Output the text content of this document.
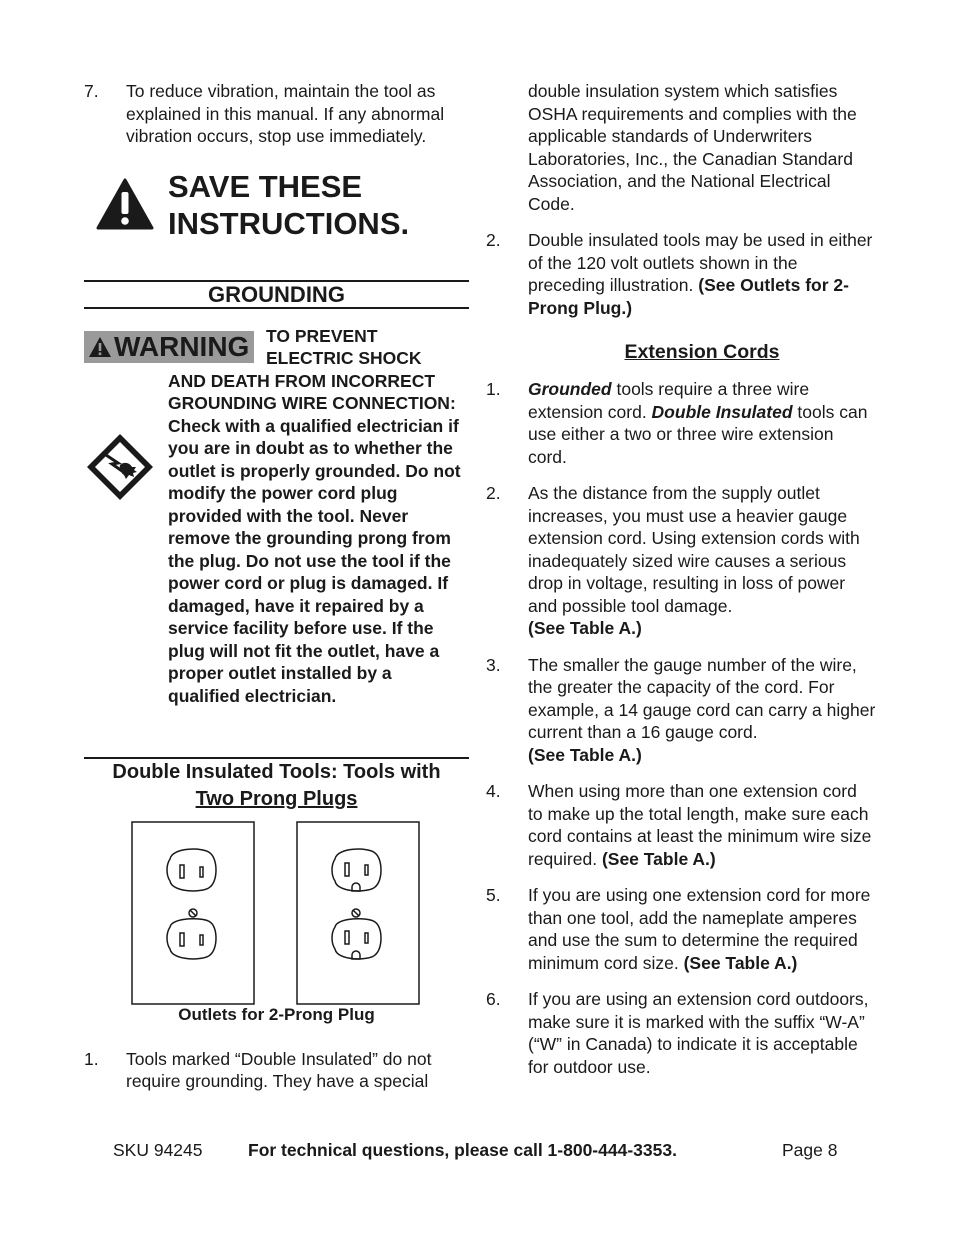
7. To reduce vibration, maintain the tool as explained in this manual. If any abnormal vibration occurs, stop use immediately.
SAVE THESE
INSTRUCTIONS.
GROUNDING
WARNING TO PREVENT ELECTRIC SHOCK
AND DEATH FROM INCORRECT GROUNDING WIRE CONNECTION:
Check with a qualified electrician if you are in doubt as to whether the outlet is properly grounded. Do not modify the power cord plug provided with the tool. Never remove the grounding prong from the plug. Do not use the tool if the power cord or plug is damaged. If damaged, have it repaired by a service facility before use. If the plug will not fit the outlet, have a proper outlet installed by a qualified electrician.
Double Insulated Tools: Tools with
Two Prong Plugs
Outlets for 2-Prong Plug
1. Tools marked “Double Insulated” do not require grounding. They have a special
double insulation system which satisfies OSHA requirements and complies with the applicable standards of Underwriters Laboratories, Inc., the Canadian Standard Association, and the National Electrical Code.
2. Double insulated tools may be used in either of the 120 volt outlets shown in the preceding illustration. (See Outlets for 2-Prong Plug.)
Extension Cords
1. Grounded tools require a three wire extension cord. Double Insulated tools can use either a two or three wire extension cord.
2. As the distance from the supply outlet increases, you must use a heavier gauge extension cord. Using extension cords with inadequately sized wire causes a serious drop in voltage, resulting in loss of power and possible tool damage.
(See Table A.)
3. The smaller the gauge number of the wire, the greater the capacity of the cord. For example, a 14 gauge cord can carry a higher current than a 16 gauge cord.
(See Table A.)
4. When using more than one extension cord to make up the total length, make sure each cord contains at least the minimum wire size required. (See Table A.)
5. If you are using one extension cord for more than one tool, add the nameplate amperes and use the sum to determine the required minimum cord size. (See Table A.)
6. If you are using an extension cord outdoors, make sure it is marked with the suffix “W-A” (“W” in Canada) to indicate it is acceptable for outdoor use.
SKU 94245	For technical questions, please call 1-800-444-3353.	Page 8
